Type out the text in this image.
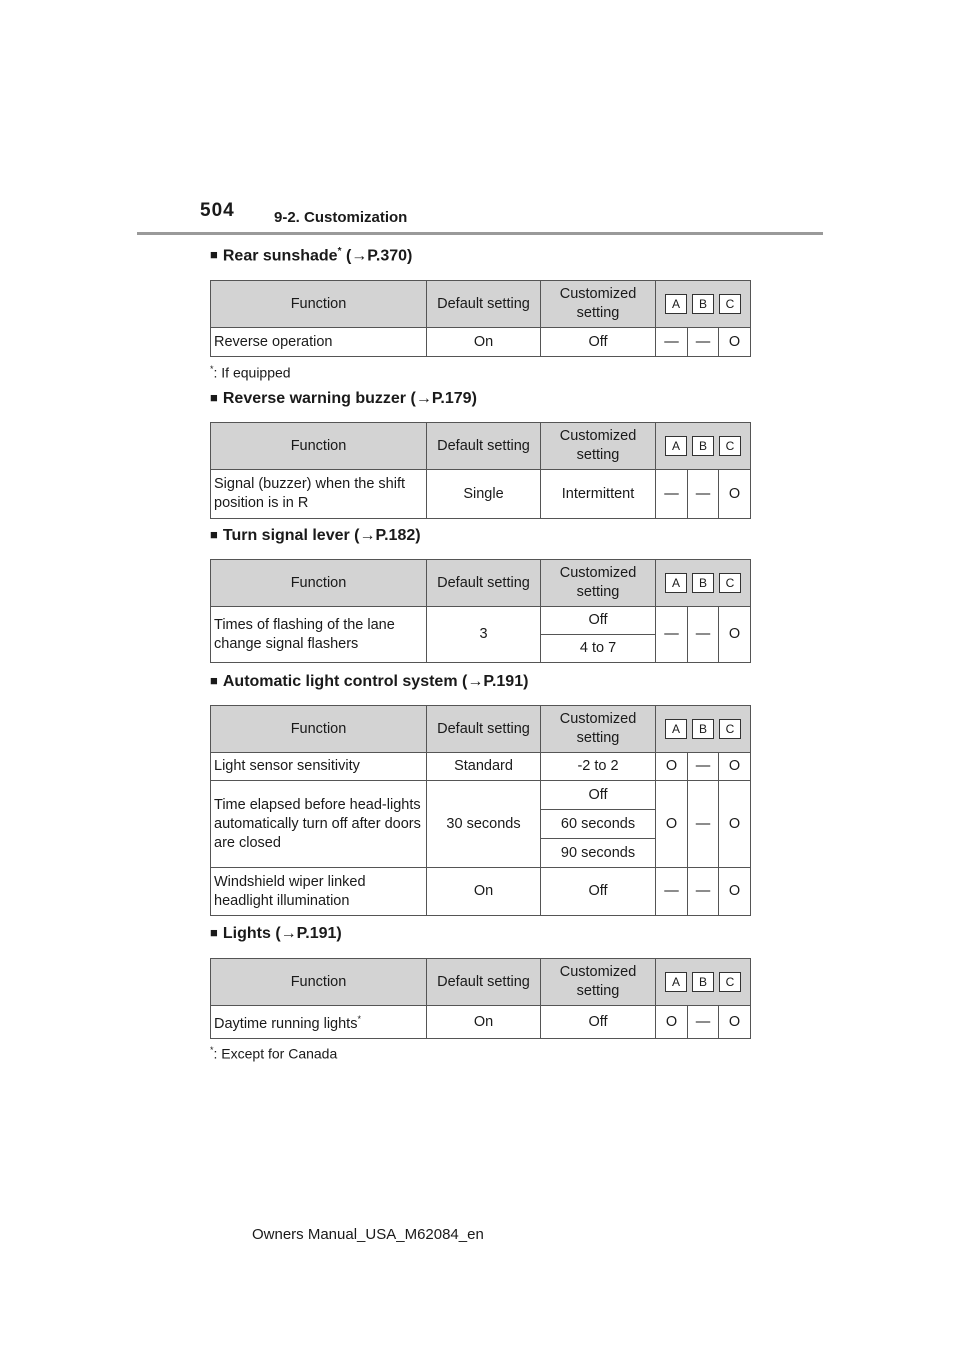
504	9-2. Customization
■ Rear sunshade* (→P.370)
Function	Default setting	Customized setting	A B C		

Reverse operation	On	Off	—	—	O
*: If equipped
■ Reverse warning buzzer (→P.179)
Function	Default setting	Customized setting	A B C		

Signal (buzzer) when the shift position is in R	Single	Intermittent	—	—	O
■ Turn signal lever (→P.182)
Function	Default setting	Customized setting	A B C		

Times of flashing of the lane change signal flashers	3	Off	—	—	O
		4 to 7			
■ Automatic light control system (→P.191)
Function	Default setting	Customized setting	A B C		

Light sensor sensitivity	Standard	-2 to 2	O	—	O
Time elapsed before head-lights automatically turn off after doors are closed	30 seconds	Off	O	—	O
		60 seconds			
		90 seconds			
Windshield wiper linked headlight illumination	On	Off	—	—	O
■ Lights (→P.191)
Function	Default setting	Customized setting	A B C		

Daytime running lights*	On	Off	O	—	O
*: Except for Canada
Owners Manual_USA_M62084_en
